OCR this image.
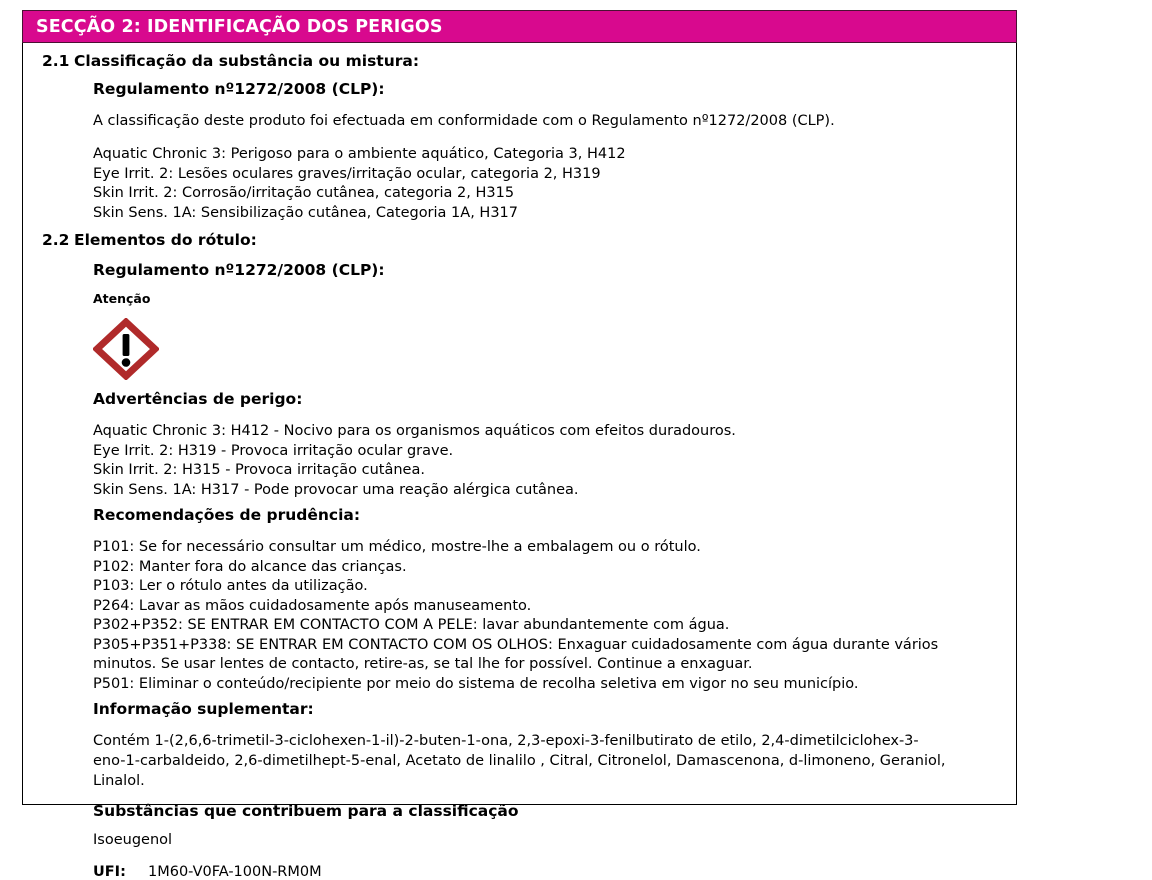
SECÇÃO 2: IDENTIFICAÇÃO DOS PERIGOS
2.1 Classificação da substância ou mistura:

Regulamento nº1272/2008 (CLP):

A classificação deste produto foi efectuada em conformidade com o Regulamento nº1272/2008 (CLP).

Aquatic Chronic 3: Perigoso para o ambiente aquático, Categoria 3, H412
Eye Irrit. 2: Lesões oculares graves/irritação ocular, categoria 2, H319
Skin Irrit. 2: Corrosão/irritação cutânea, categoria 2, H315
Skin Sens. 1A: Sensibilização cutânea, Categoria 1A, H317
2.2 Elementos do rótulo:

Regulamento nº1272/2008 (CLP):

Atenção

Advertências de perigo:

Aquatic Chronic 3: H412 - Nocivo para os organismos aquáticos com efeitos duradouros.
Eye Irrit. 2: H319 - Provoca irritação ocular grave.
Skin Irrit. 2: H315 - Provoca irritação cutânea.
Skin Sens. 1A: H317 - Pode provocar uma reação alérgica cutânea.

Recomendações de prudência:

P101: Se for necessário consultar um médico, mostre-lhe a embalagem ou o rótulo.
P102: Manter fora do alcance das crianças.
P103: Ler o rótulo antes da utilização.
P264: Lavar as mãos cuidadosamente após manuseamento.
P302+P352: SE ENTRAR EM CONTACTO COM A PELE: lavar abundantemente com água.
P305+P351+P338: SE ENTRAR EM CONTACTO COM OS OLHOS: Enxaguar cuidadosamente com água durante vários minutos. Se usar lentes de contacto, retire-as, se tal lhe for possível. Continue a enxaguar.
P501: Eliminar o conteúdo/recipiente por meio do sistema de recolha seletiva em vigor no seu município.

Informação suplementar:

Contém 1-(2,6,6-trimetil-3-ciclohexen-1-il)-2-buten-1-ona, 2,3-epoxi-3-fenilbutirato de etilo, 2,4-dimetilciclohex-3-eno-1-carbaldeido, 2,6-dimetilhept-5-enal, Acetato de linalilo , Citral, Citronelol, Damascenona, d-limoneno, Geraniol, Linalol.

Substâncias que contribuem para a classificação

Isoeugenol

UFI:	1M60-V0FA-100N-RM0M
